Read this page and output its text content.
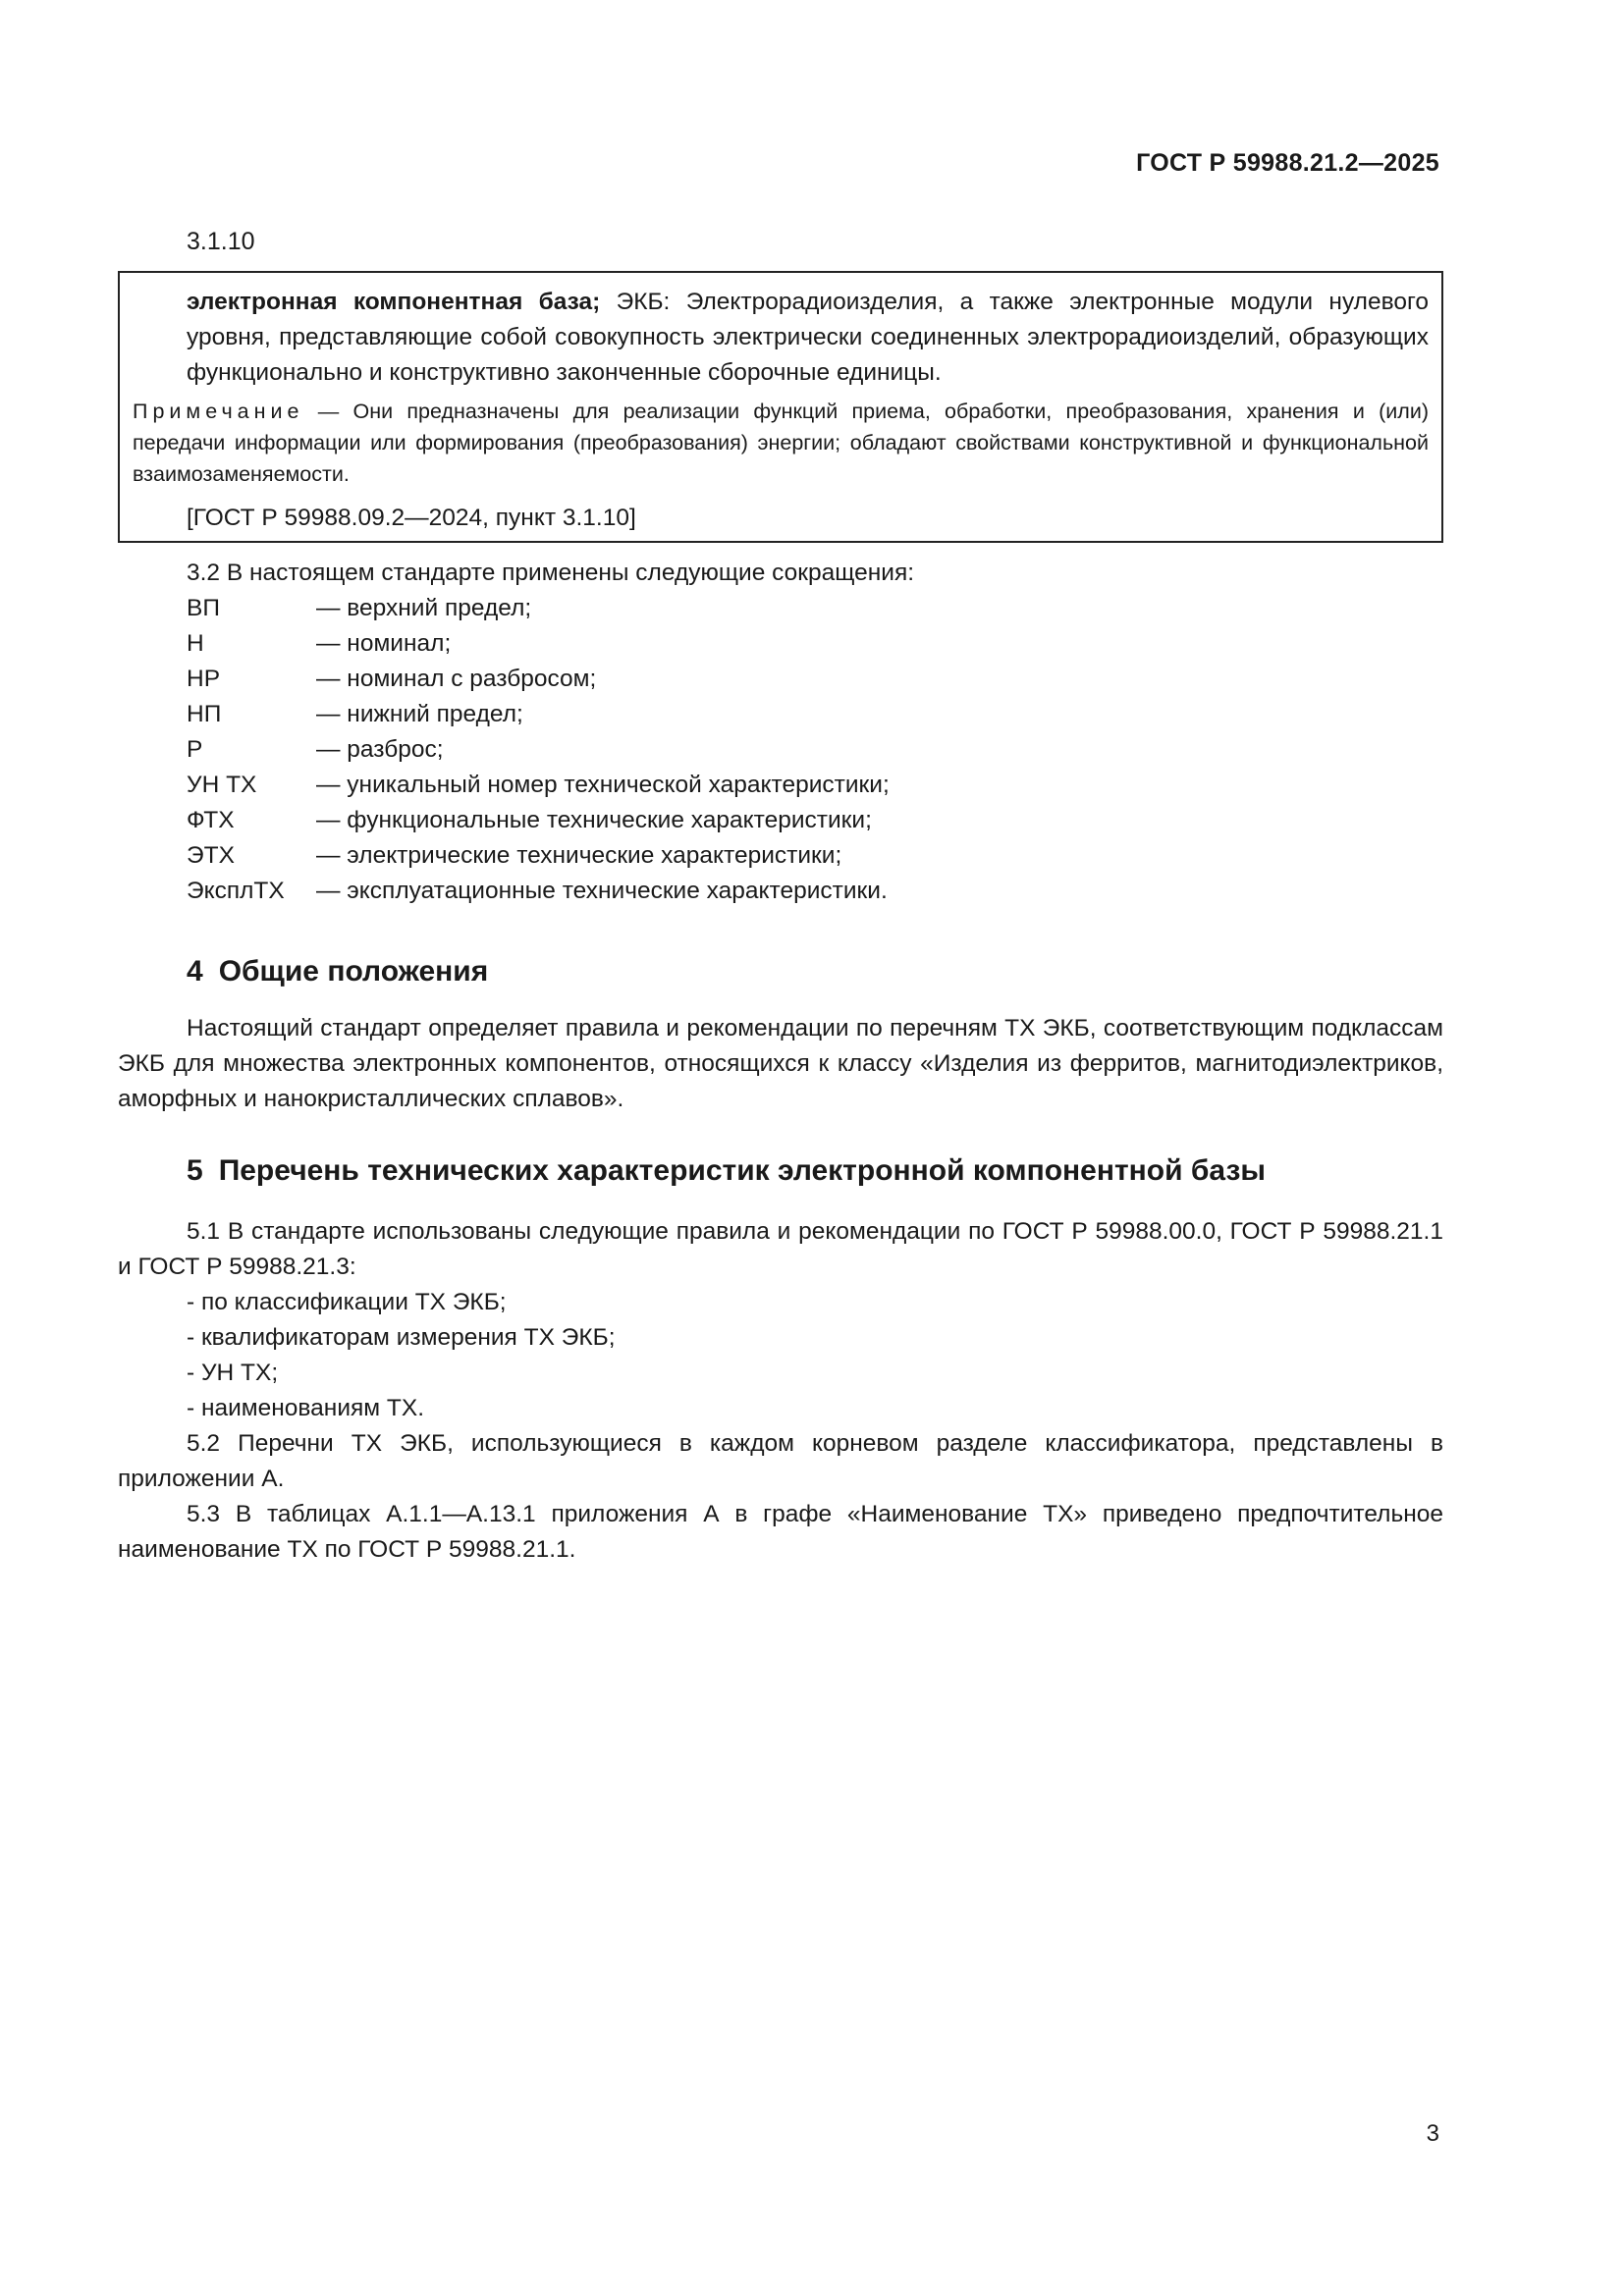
ГОСТ Р 59988.21.2—2025
3.1.10
электронная компонентная база; ЭКБ: Электрорадиоизделия, а также электронные модули нулевого уровня, представляющие собой совокупность электрически соединенных электрорадиоизделий, образующих функционально и конструктивно законченные сборочные единицы.
Примечание — Они предназначены для реализации функций приема, обработки, преобразования, хранения и (или) передачи информации или формирования (преобразования) энергии; обладают свойствами конструктивной и функциональной взаимозаменяемости.
[ГОСТ Р 59988.09.2—2024, пункт 3.1.10]
3.2 В настоящем стандарте применены следующие сокращения:
ВП	— верхний предел;
Н	— номинал;
НР	— номинал с разбросом;
НП	— нижний предел;
Р	— разброс;
УН ТХ — уникальный номер технической характеристики;
ФТХ	— функциональные технические характеристики;
ЭТХ	— электрические технические характеристики;
ЭксплТХ — эксплуатационные технические характеристики.
4 Общие положения
Настоящий стандарт определяет правила и рекомендации по перечням ТХ ЭКБ, соответствующим подклассам ЭКБ для множества электронных компонентов, относящихся к классу «Изделия из ферритов, магнитодиэлектриков, аморфных и нанокристаллических сплавов».
5 Перечень технических характеристик электронной компонентной базы
5.1 В стандарте использованы следующие правила и рекомендации по ГОСТ Р 59988.00.0, ГОСТ Р 59988.21.1 и ГОСТ Р 59988.21.3:
- по классификации ТХ ЭКБ;
- квалификаторам измерения ТХ ЭКБ;
- УН ТХ;
- наименованиям ТХ.
5.2 Перечни ТХ ЭКБ, использующиеся в каждом корневом разделе классификатора, представлены в приложении А.
5.3 В таблицах А.1.1—А.13.1 приложения А в графе «Наименование ТХ» приведено предпочтительное наименование ТХ по ГОСТ Р 59988.21.1.
3
